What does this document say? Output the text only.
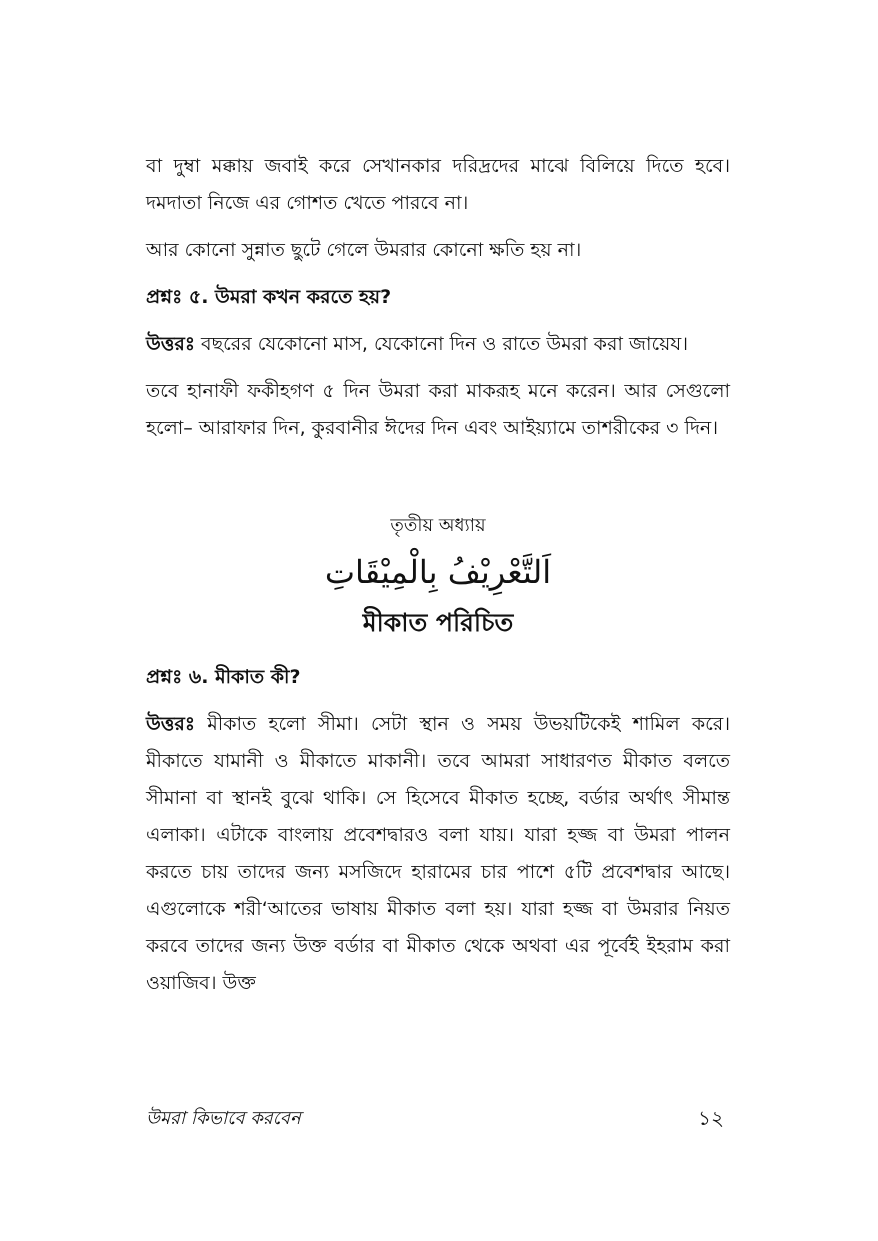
বা দুম্বা মক্কায় জবাই করে সেখানকার দরিদ্রদের মাঝে বিলিয়ে দিতে হবে। দমদাতা নিজে এর গোশত খেতে পারবে না।

আর কোনো সুন্নাত ছুটে গেলে উমরার কোনো ক্ষতি হয় না।

প্রশ্নঃ ৫. উমরা কখন করতে হয়?

উত্তরঃ বছরের যেকোনো মাস, যেকোনো দিন ও রাতে উমরা করা জায়েয।

তবে হানাফী ফকীহগণ ৫ দিন উমরা করা মাকরূহ মনে করেন। আর সেগুলো হলো– আরাফার দিন, কুরবানীর ঈদের দিন এবং আইয়্যামে তাশরীকের ৩ দিন।

তৃতীয় অধ্যায়
اَلتَّعْرِيْفُ بِالْمِيْقَاتِ
মীকাত পরিচিত
প্রশ্নঃ ৬. মীকাত কী?

উত্তরঃ মীকাত হলো সীমা। সেটা স্থান ও সময় উভয়টিকেই শামিল করে। মীকাতে যামানী ও মীকাতে মাকানী। তবে আমরা সাধারণত মীকাত বলতে সীমানা বা স্থানই বুঝে থাকি। সে হিসেবে মীকাত হচ্ছে, বর্ডার অর্থাৎ সীমান্ত এলাকা। এটাকে বাংলায় প্রবেশদ্বারও বলা যায়। যারা হজ্জ বা উমরা পালন করতে চায় তাদের জন্য মসজিদে হারামের চার পাশে ৫টি প্রবেশদ্বার আছে। এগুলোকে শরী‘আতের ভাষায় মীকাত বলা হয়। যারা হজ্জ বা উমরার নিয়ত করবে তাদের জন্য উক্ত বর্ডার বা মীকাত থেকে অথবা এর পূর্বেই ইহরাম করা ওয়াজিব। উক্ত

উমরা কিভাবে করবেন	১২
